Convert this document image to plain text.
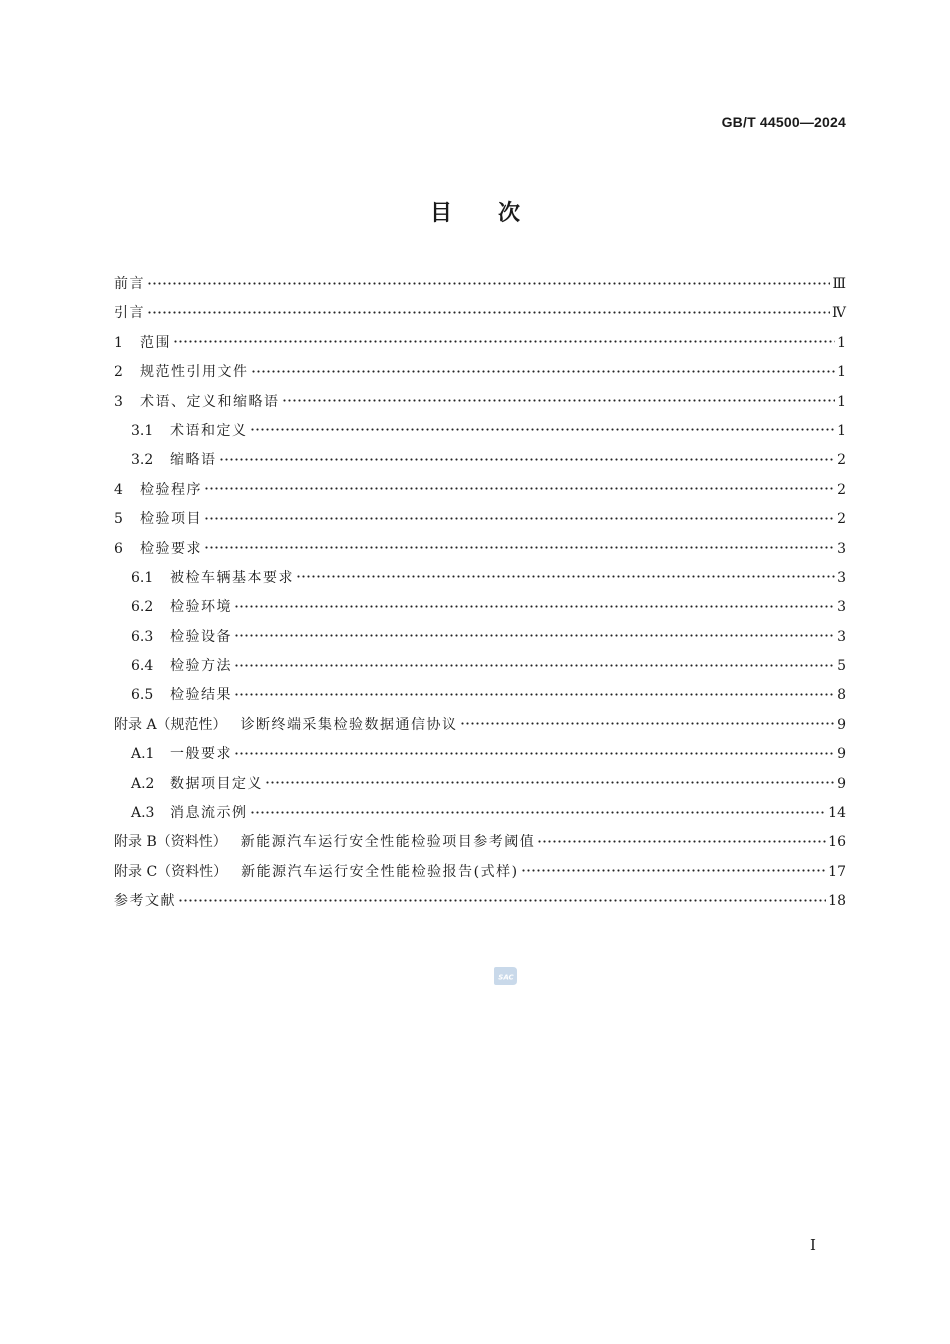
GB/T 44500—2024
目次
前言	Ⅲ
引言	Ⅳ
1	范围	1
2	规范性引用文件	1
3	术语、定义和缩略语	1
3.1	术语和定义	1
3.2	缩略语	2
4	检验程序	2
5	检验项目	2
6	检验要求	3
6.1	被检车辆基本要求	3
6.2	检验环境	3
6.3	检验设备	3
6.4	检验方法	5
6.5	检验结果	8
附录 A（规范性） 诊断终端采集检验数据通信协议	9
A.1	一般要求	9
A.2	数据项目定义	9
A.3	消息流示例	14
附录 B（资料性） 新能源汽车运行安全性能检验项目参考阈值	16
附录 C（资料性） 新能源汽车运行安全性能检验报告(式样)	17
参考文献	18
SAC
I
